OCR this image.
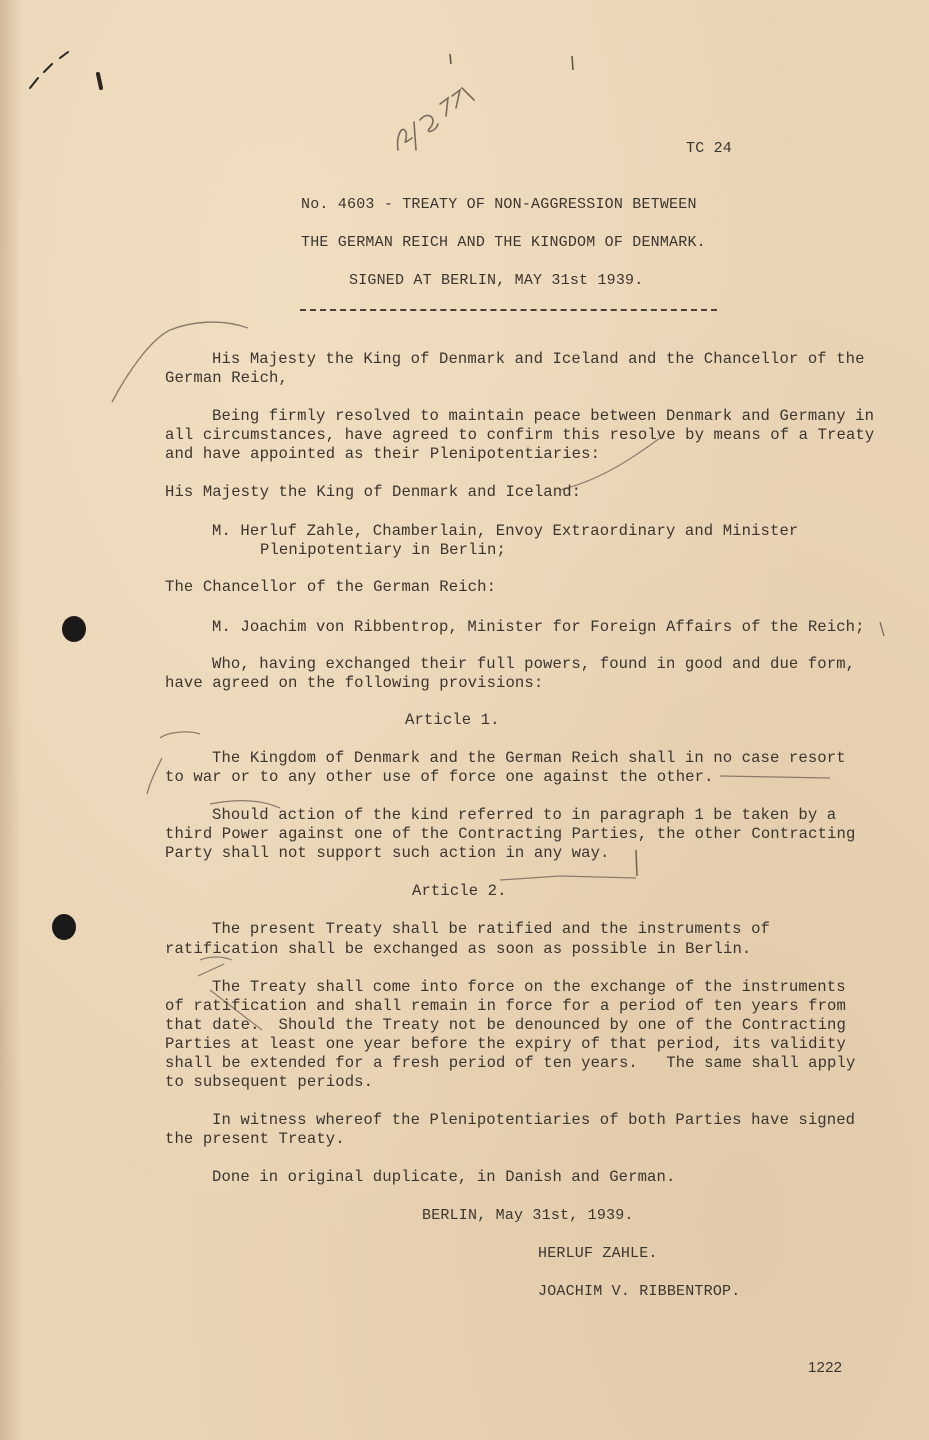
TC 24
No. 4603 - TREATY OF NON-AGGRESSION BETWEEN
THE GERMAN REICH AND THE KINGDOM OF DENMARK.
SIGNED AT BERLIN, MAY 31st 1939.
His Majesty the King of Denmark and Iceland and the Chancellor of the
German Reich,
Being firmly resolved to maintain peace between Denmark and Germany in
all circumstances, have agreed to confirm this resolve by means of a Treaty
and have appointed as their Plenipotentiaries:
His Majesty the King of Denmark and Iceland:
M. Herluf Zahle, Chamberlain, Envoy Extraordinary and Minister
Plenipotentiary in Berlin;
The Chancellor of the German Reich:
M. Joachim von Ribbentrop, Minister for Foreign Affairs of the Reich;
Who, having exchanged their full powers, found in good and due form,
have agreed on the following provisions:
Article 1.
The Kingdom of Denmark and the German Reich shall in no case resort
to war or to any other use of force one against the other.
Should action of the kind referred to in paragraph 1 be taken by a
third Power against one of the Contracting Parties, the other Contracting
Party shall not support such action in any way.
Article 2.
The present Treaty shall be ratified and the instruments of
ratification shall be exchanged as soon as possible in Berlin.
The Treaty shall come into force on the exchange of the instruments
of ratification and shall remain in force for a period of ten years from
that date.  Should the Treaty not be denounced by one of the Contracting
Parties at least one year before the expiry of that period, its validity
shall be extended for a fresh period of ten years.   The same shall apply
to subsequent periods.
In witness whereof the Plenipotentiaries of both Parties have signed
the present Treaty.
Done in original duplicate, in Danish and German.
BERLIN, May 31st, 1939.
HERLUF ZAHLE.
JOACHIM V. RIBBENTROP.
1222
